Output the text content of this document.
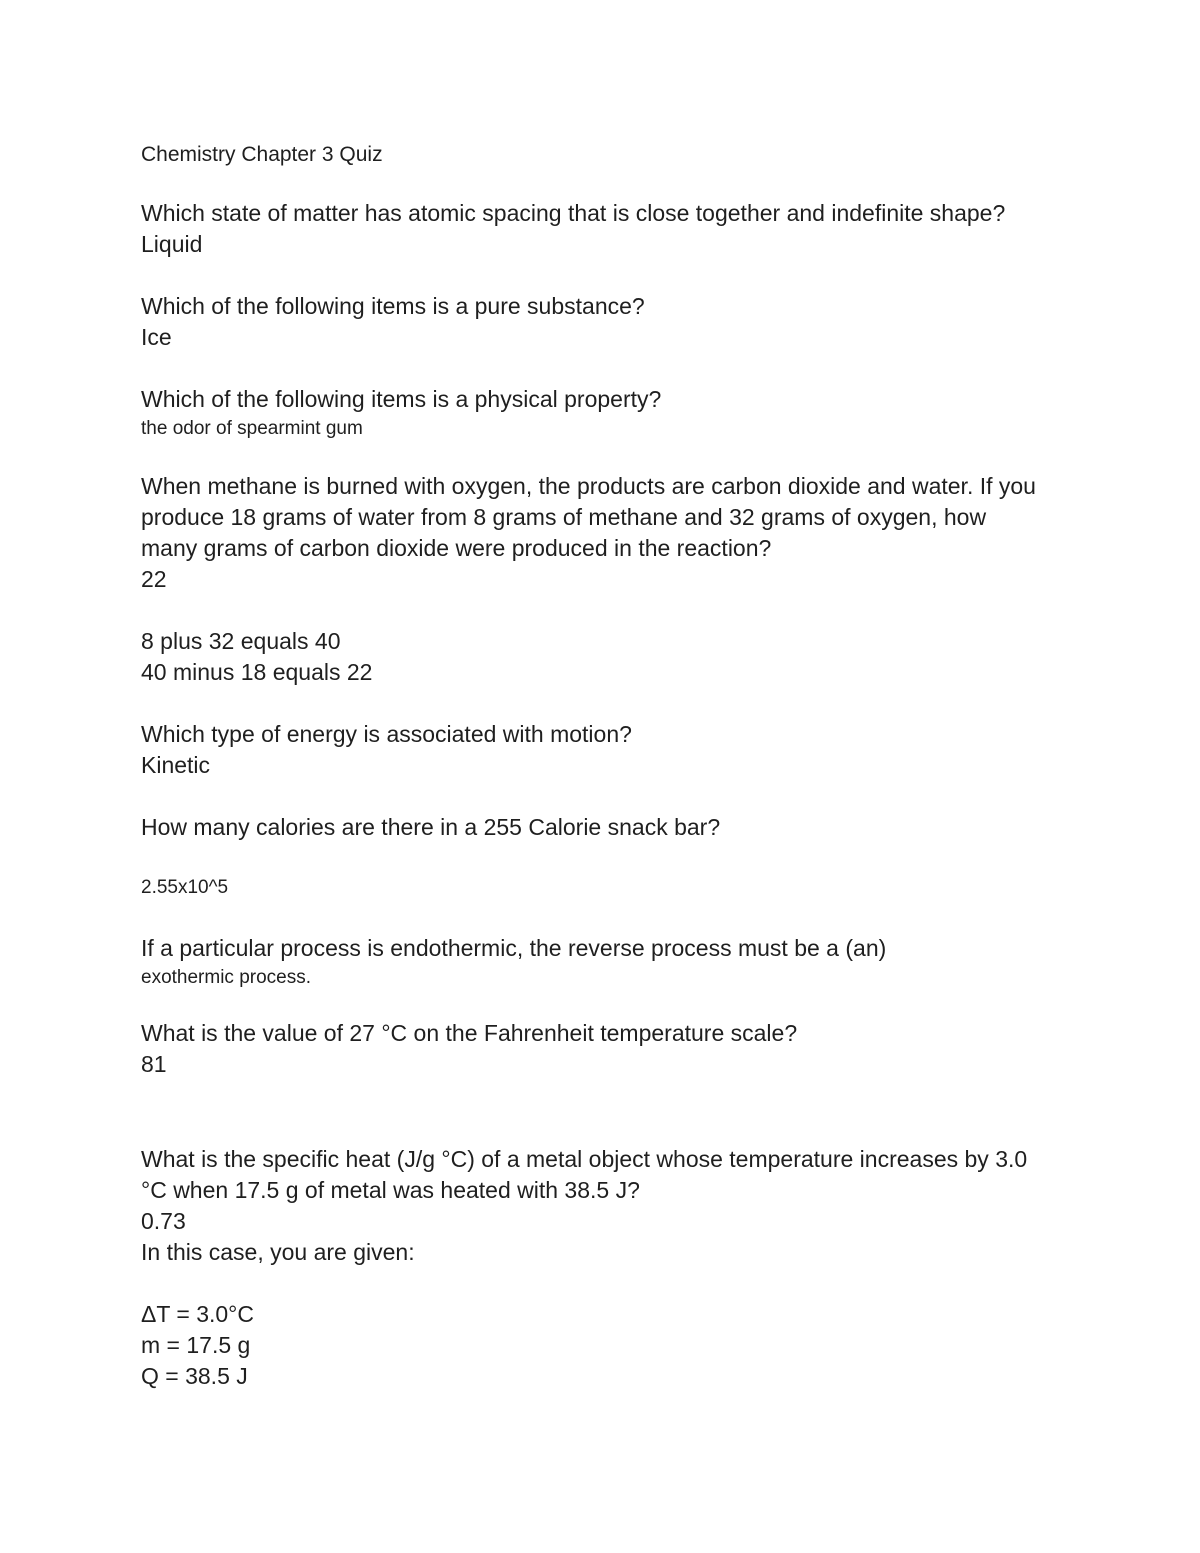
Chemistry Chapter 3 Quiz
Which state of matter has atomic spacing that is close together and indefinite shape?
Liquid
Which of the following items is a pure substance?
Ice
Which of the following items is a physical property?
the odor of spearmint gum
When methane is burned with oxygen, the products are carbon dioxide and water. If you
produce 18 grams of water from 8 grams of methane and 32 grams of oxygen, how
many grams of carbon dioxide were produced in the reaction?
22
8 plus 32 equals 40
40 minus 18 equals 22
Which type of energy is associated with motion?
Kinetic
How many calories are there in a 255 Calorie snack bar?
2.55x10^5
If a particular process is endothermic, the reverse process must be a (an)
exothermic process.
What is the value of 27 °C on the Fahrenheit temperature scale?
81
What is the specific heat (J/g °C) of a metal object whose temperature increases by 3.0
°C when 17.5 g of metal was heated with 38.5 J?
0.73
In this case, you are given:
ΔT = 3.0°C
m = 17.5 g
Q = 38.5 J
